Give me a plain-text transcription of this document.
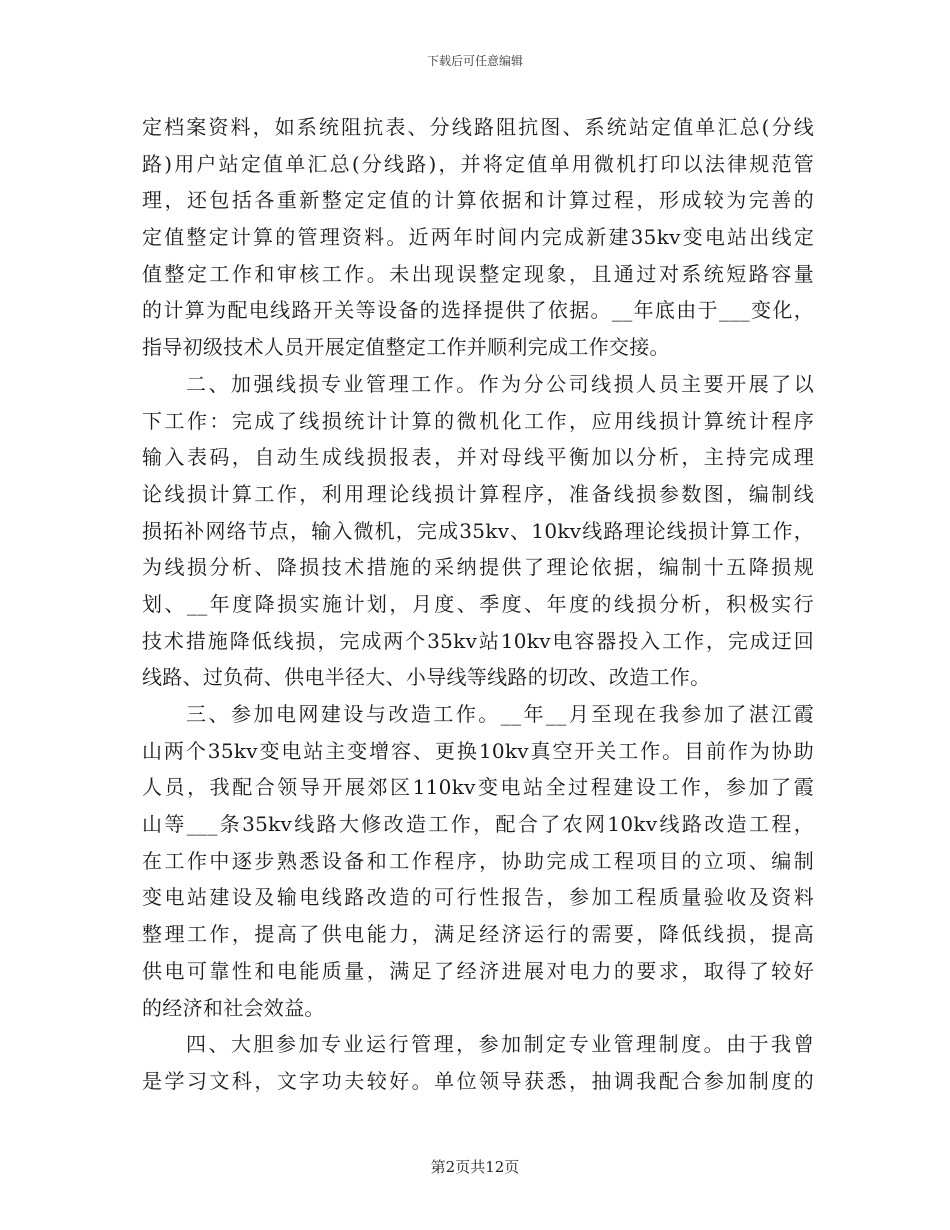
下载后可任意编辑
定档案资料，如系统阻抗表、分线路阻抗图、系统站定值单汇总(分线
路)用户站定值单汇总(分线路)，并将定值单用微机打印以法律规范管
理，还包括各重新整定定值的计算依据和计算过程，形成较为完善的
定值整定计算的管理资料。近两年时间内完成新建35kv变电站出线定
值整定工作和审核工作。未出现误整定现象，且通过对系统短路容量
的计算为配电线路开关等设备的选择提供了依据。__年底由于___变化，
指导初级技术人员开展定值整定工作并顺利完成工作交接。
二、加强线损专业管理工作。作为分公司线损人员主要开展了以
下工作：完成了线损统计计算的微机化工作，应用线损计算统计程序
输入表码，自动生成线损报表，并对母线平衡加以分析，主持完成理
论线损计算工作，利用理论线损计算程序，准备线损参数图，编制线
损拓补网络节点，输入微机，完成35kv、10kv线路理论线损计算工作，
为线损分析、降损技术措施的采纳提供了理论依据，编制十五降损规
划、__年度降损实施计划，月度、季度、年度的线损分析，积极实行
技术措施降低线损，完成两个35kv站10kv电容器投入工作，完成迂回
线路、过负荷、供电半径大、小导线等线路的切改、改造工作。
三、参加电网建设与改造工作。__年__月至现在我参加了湛江霞
山两个35kv变电站主变增容、更换10kv真空开关工作。目前作为协助
人员，我配合领导开展郊区110kv变电站全过程建设工作，参加了霞
山等___条35kv线路大修改造工作，配合了农网10kv线路改造工程，
在工作中逐步熟悉设备和工作程序，协助完成工程项目的立项、编制
变电站建设及输电线路改造的可行性报告，参加工程质量验收及资料
整理工作，提高了供电能力，满足经济运行的需要，降低线损，提高
供电可靠性和电能质量，满足了经济进展对电力的要求，取得了较好
的经济和社会效益。
四、大胆参加专业运行管理，参加制定专业管理制度。由于我曾
是学习文科，文字功夫较好。单位领导获悉，抽调我配合参加制度的
第2页共12页
